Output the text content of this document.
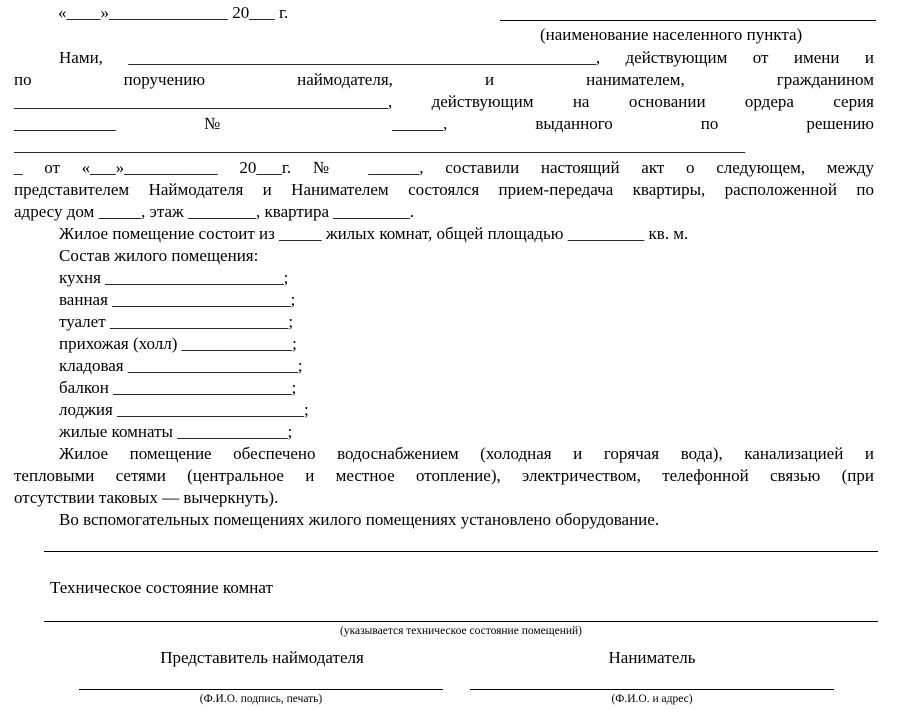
«____»______________ 20___ г.
(наименование населенного пункта)
Нами, _______________________________________________________, действующим от имени и
по поручению наймодателя, и нанимателем, гражданином
____________________________________________, действующим на основании ордера серия
____________ № ______, выданного по решению
______________________________________________________________________________________
_ от «___»___________ 20___г. № ______, составили настоящий акт о следующем, между
представителем Наймодателя и Нанимателем состоялся прием-передача квартиры, расположенной по
адресу дом _____, этаж ________, квартира _________.
Жилое помещение состоит из _____ жилых комнат, общей площадью _________ кв. м.
Состав жилого помещения:
кухня _____________________;
ванная _____________________;
туалет _____________________;
прихожая (холл) _____________;
кладовая ____________________;
балкон _____________________;
лоджия ______________________;
жилые комнаты _____________;
Жилое помещение обеспечено водоснабжением (холодная и горячая вода), канализацией и
тепловыми сетями (центральное и местное отопление), электричеством, телефонной связью (при
отсутствии таковых — вычеркнуть).
Во вспомогательных помещениях жилого помещениях установлено оборудование.
Техническое состояние комнат
(указывается техническое состояние помещений)
Представитель наймодателя	Наниматель
(Ф.И.О. подпись, печать)	(Ф.И.О. и адрес)
